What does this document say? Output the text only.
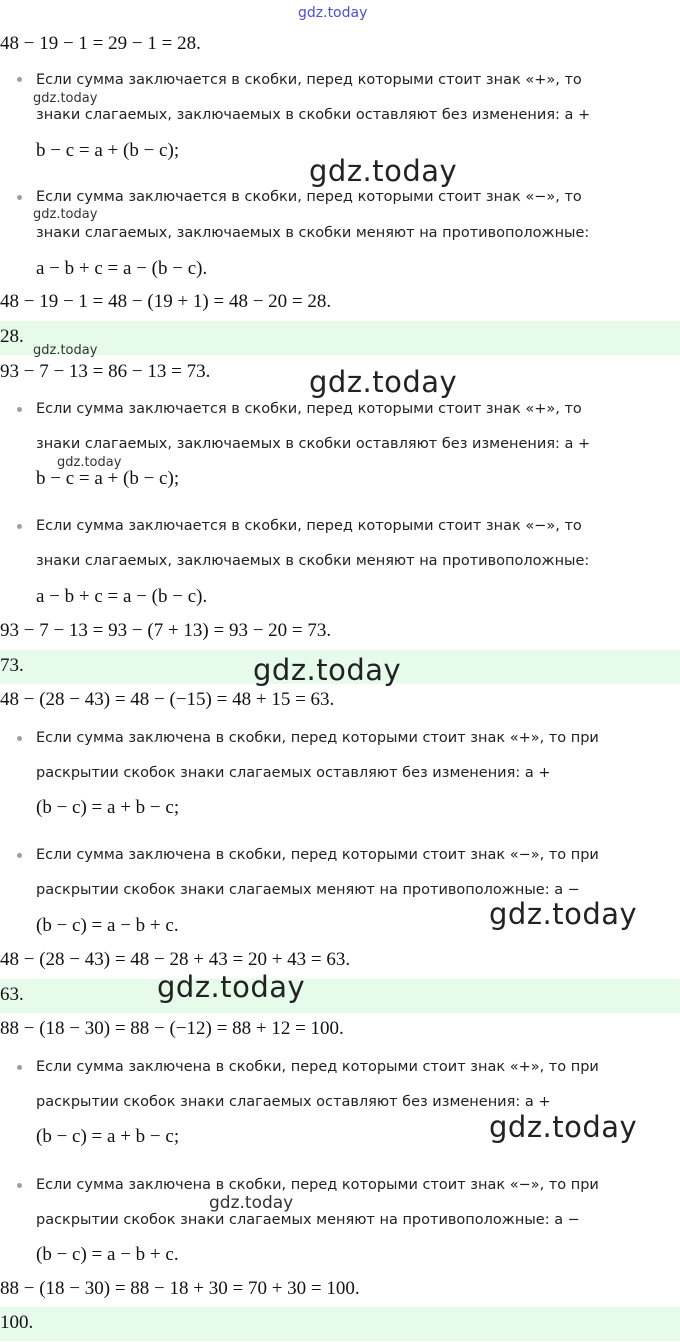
gdz.today

48 − 19 − 1 = 29 − 1 = 28.

Если сумма заключается в скобки, перед которыми стоит знак «+», то

знаки слагаемых, заключаемых в скобки оставляют без изменения: a +

b − c = a + (b − c);

Если сумма заключается в скобки, перед которыми стоит знак «−», то

знаки слагаемых, заключаемых в скобки меняют на противоположные:

a − b + c = a − (b − c).

48 − 19 − 1 = 48 − (19 + 1) = 48 − 20 = 28.

28.

93 − 7 − 13 = 86 − 13 = 73.

Если сумма заключается в скобки, перед которыми стоит знак «+», то

знаки слагаемых, заключаемых в скобки оставляют без изменения: a +

b − c = a + (b − c);

Если сумма заключается в скобки, перед которыми стоит знак «−», то

знаки слагаемых, заключаемых в скобки меняют на противоположные:

a − b + c = a − (b − c).

93 − 7 − 13 = 93 − (7 + 13) = 93 − 20 = 73.

73.

48 − (28 − 43) = 48 − (−15) = 48 + 15 = 63.

Если сумма заключена в скобки, перед которыми стоит знак «+», то при

раскрытии скобок знаки слагаемых оставляют без изменения: a +

(b − c) = a + b − c;

Если сумма заключена в скобки, перед которыми стоит знак «−», то при

раскрытии скобок знаки слагаемых меняют на противоположные: a −

(b − c) = a − b + c.

48 − (28 − 43) = 48 − 28 + 43 = 20 + 43 = 63.

63.

88 − (18 − 30) = 88 − (−12) = 88 + 12 = 100.

Если сумма заключена в скобки, перед которыми стоит знак «+», то при

раскрытии скобок знаки слагаемых оставляют без изменения: a +

(b − c) = a + b − c;

Если сумма заключена в скобки, перед которыми стоит знак «−», то при

раскрытии скобок знаки слагаемых меняют на противоположные: a −

(b − c) = a − b + c.

88 − (18 − 30) = 88 − 18 + 30 = 70 + 30 = 100.

100.
gdz.today
gdz.today
gdz.today
gdz.today
gdz.today
gdz.today
gdz.today
gdz.today
gdz.today
gdz.today
gdz.today
